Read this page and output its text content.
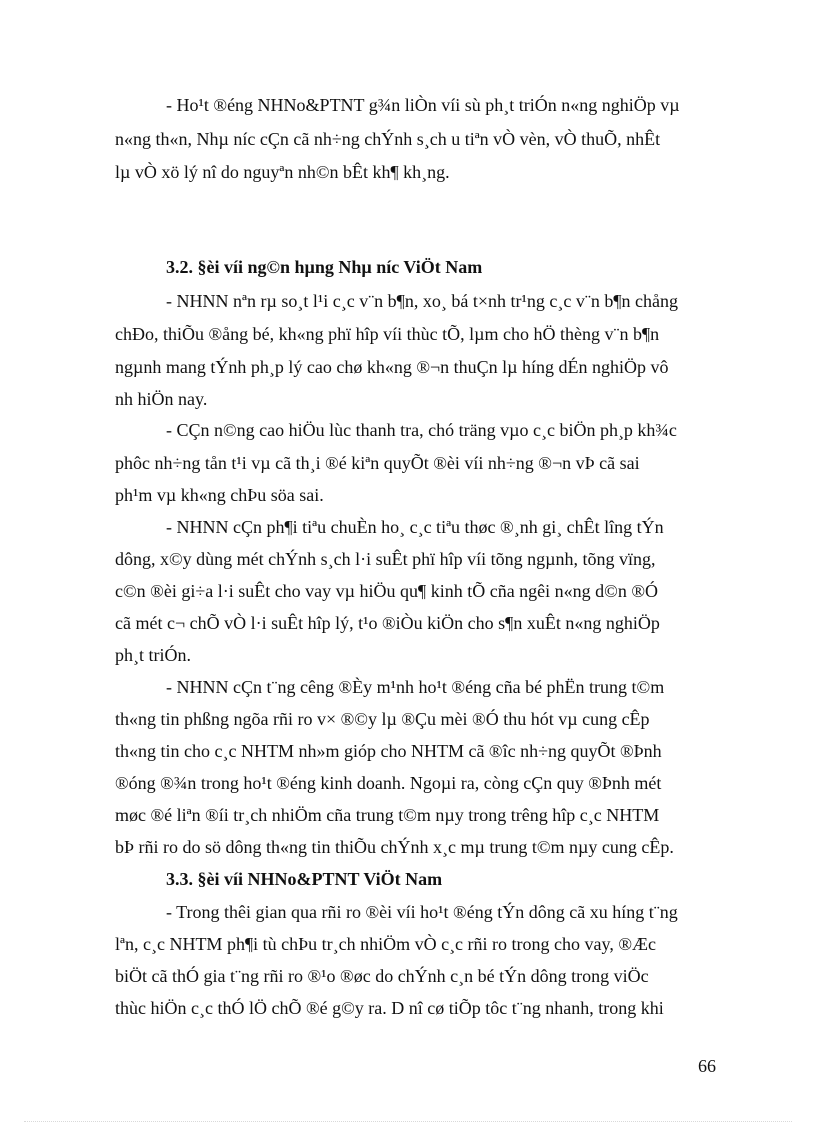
- Ho¹t ®éng NHNo&PTNT g¾n liÒn víi sù ph¸t triÓn n«ng nghiÖp vµ
n«ng th«n, Nhµ níc cÇn cã nh÷ng chÝnh s¸ch u tiªn vÒ vèn, vÒ thuÕ, nhÊt
lµ vÒ xö lý nî do nguyªn nh©n bÊt kh¶ kh¸ng.
3.2. §èi víi ng©n hµng Nhµ níc ViÖt Nam
- NHNN nªn rµ so¸t l¹i c¸c v¨n b¶n, xo¸ bá t×nh tr¹ng c¸c v¨n b¶n chång
chÐo, thiÕu ®ång bé, kh«ng phï hîp víi thùc tÕ, lµm cho hÖ thèng v¨n b¶n
ngµnh mang tÝnh ph¸p lý cao chø kh«ng ®¬n thuÇn lµ híng dÉn nghiÖp vô
nh hiÖn nay.
- CÇn n©ng cao hiÖu lùc thanh tra, chó träng vµo c¸c biÖn ph¸p kh¾c
phôc nh÷ng tån t¹i vµ cã th¸i ®é kiªn quyÕt ®èi víi nh÷ng ®¬n vÞ cã sai
ph¹m vµ kh«ng chÞu söa sai.
- NHNN cÇn ph¶i tiªu chuÈn ho¸ c¸c tiªu thøc ®¸nh gi¸ chÊt lîng tÝn
dông, x©y dùng mét chÝnh s¸ch l·i suÊt phï hîp víi tõng ngµnh, tõng vïng,
c©n ®èi gi÷a l·i suÊt cho vay vµ hiÖu qu¶ kinh tÕ cña ngêi n«ng d©n ®Ó
cã mét c¬ chÕ vÒ l·i suÊt hîp lý, t¹o ®iÒu kiÖn cho s¶n xuÊt n«ng nghiÖp
ph¸t triÓn.
- NHNN cÇn t¨ng cêng ®Èy m¹nh ho¹t ®éng cña bé phËn trung t©m
th«ng tin phßng ngõa rñi ro v× ®©y lµ ®Çu mèi ®Ó thu hót vµ cung cÊp
th«ng tin cho c¸c NHTM nh»m gióp cho NHTM cã ®îc nh÷ng quyÕt ®Þnh
®óng ®¾n trong ho¹t ®éng kinh doanh. Ngoµi ra, còng cÇn quy ®Þnh mét
møc ®é liªn ®íi tr¸ch nhiÖm cña trung t©m nµy trong trêng hîp c¸c NHTM
bÞ rñi ro do sö dông th«ng tin thiÕu chÝnh x¸c mµ trung t©m nµy cung cÊp.
3.3. §èi víi NHNo&PTNT ViÖt Nam
- Trong thêi gian qua rñi ro ®èi víi ho¹t ®éng tÝn dông cã xu híng t¨ng
lªn, c¸c NHTM ph¶i tù chÞu tr¸ch nhiÖm vÒ c¸c rñi ro trong cho vay, ®Æc
biÖt cã thÓ gia t¨ng rñi ro ®¹o ®øc do chÝnh c¸n bé tÝn dông trong viÖc
thùc hiÖn c¸c thÓ lÖ chÕ ®é g©y ra. D nî cø tiÕp tôc t¨ng nhanh, trong khi
66
